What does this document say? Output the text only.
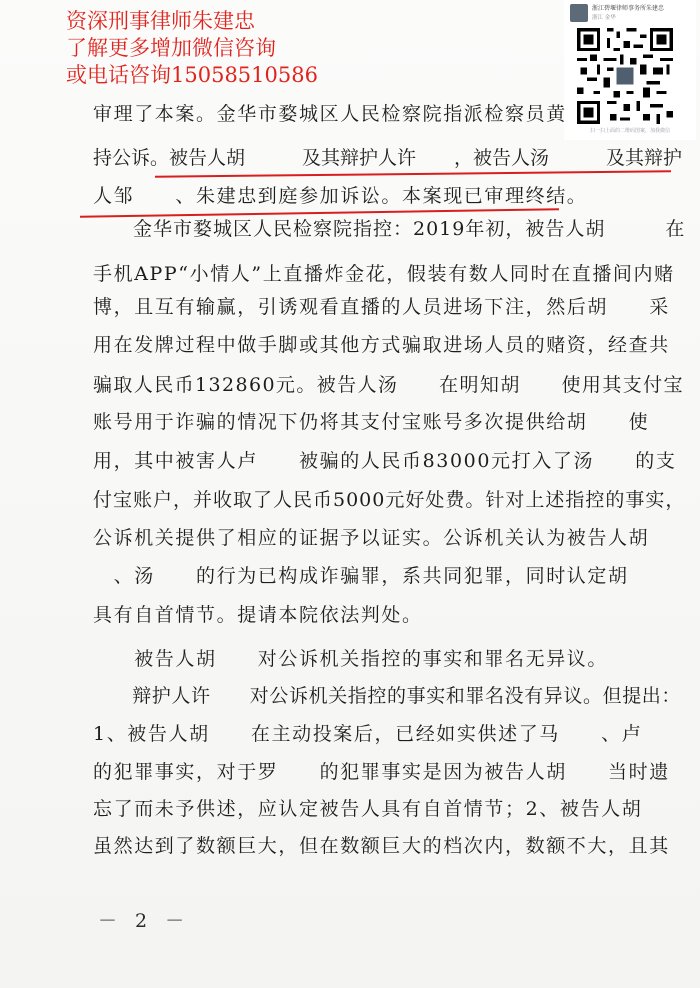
资深刑事律师朱建忠
了解更多增加微信咨询
或电话咨询15058510586
浙江碧堰律师事务所朱建忠
浙江 金华
扫一扫上面的二维码图案，加我微信
审理了本案。金华市婺城区人民检察院指派检察员黄
持公诉。被告人胡　　　及其辩护人许　　，被告人汤　　　及其辩护
人邹　　、朱建忠到庭参加诉讼。本案现已审理终结。
　　金华市婺城区人民检察院指控：2019年初，被告人胡　　　在
手机APP“小情人”上直播炸金花，假装有数人同时在直播间内赌
博，且互有输赢，引诱观看直播的人员进场下注，然后胡　　采
用在发牌过程中做手脚或其他方式骗取进场人员的赌资，经查共
骗取人民币132860元。被告人汤　　在明知胡　　使用其支付宝
账号用于诈骗的情况下仍将其支付宝账号多次提供给胡　　使
用，其中被害人卢　　被骗的人民币83000元打入了汤　　的支
付宝账户，并收取了人民币5000元好处费。针对上述指控的事实，
公诉机关提供了相应的证据予以证实。公诉机关认为被告人胡
　、汤　　的行为已构成诈骗罪，系共同犯罪，同时认定胡
具有自首情节。提请本院依法判处。
　　被告人胡　　对公诉机关指控的事实和罪名无异议。
　　辩护人许　　对公诉机关指控的事实和罪名没有异议。但提出：
1、被告人胡　　在主动投案后，已经如实供述了马　　、卢
的犯罪事实，对于罗　　的犯罪事实是因为被告人胡　　当时遗
忘了而未予供述，应认定被告人具有自首情节；2、被告人胡
虽然达到了数额巨大，但在数额巨大的档次内，数额不大，且其
－ 2 －
